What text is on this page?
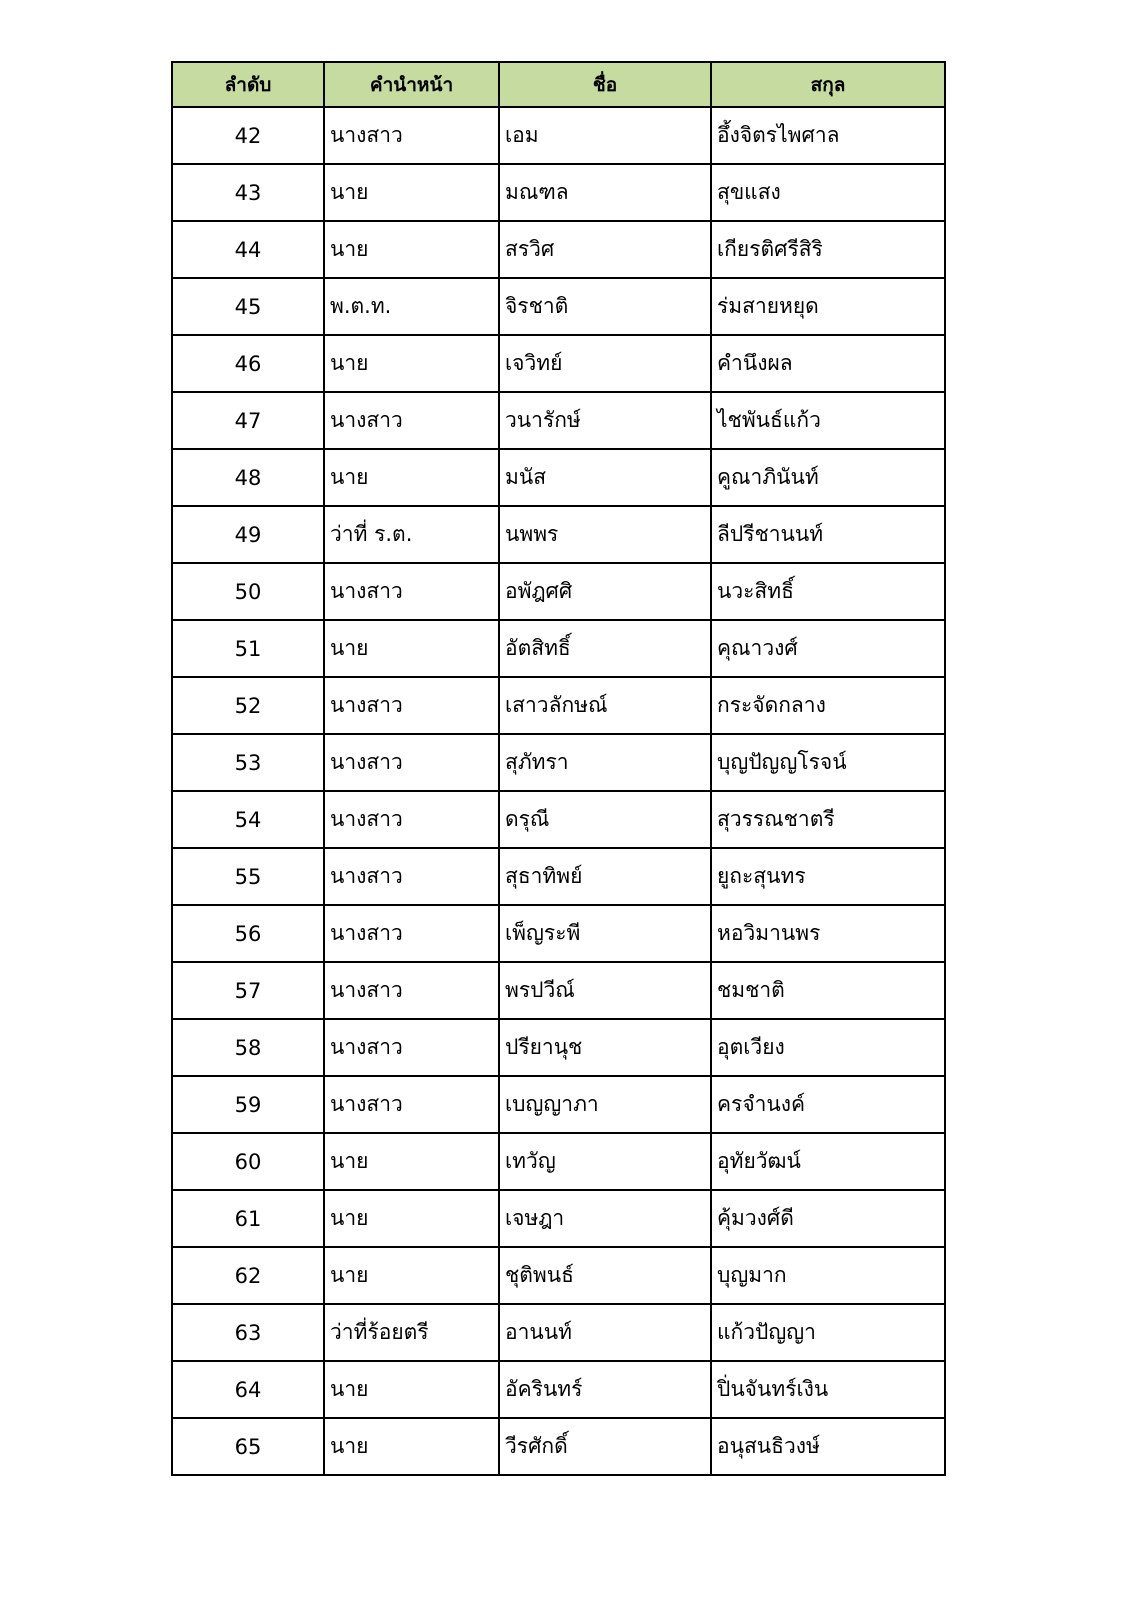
ลำดับ	คำนำหน้า	ชื่อ	สกุล
42	นางสาว	เอม	อึ้งจิตรไพศาล
43	นาย	มณฑล	สุขแสง
44	นาย	สรวิศ	เกียรติศรีสิริ
45	พ.ต.ท.	จิรชาติ	ร่มสายหยุด
46	นาย	เจวิทย์	คำนึงผล
47	นางสาว	วนารักษ์	ไชพันธ์แก้ว
48	นาย	มนัส	คูณาภินันท์
49	ว่าที่ ร.ต.	นพพร	ลีปรีชานนท์
50	นางสาว	อพัฎศศิ	นวะสิทธิ์
51	นาย	อัตสิทธิ์	คุณาวงศ์
52	นางสาว	เสาวลักษณ์	กระจัดกลาง
53	นางสาว	สุภัทรา	บุญปัญญโรจน์
54	นางสาว	ดรุณี	สุวรรณชาตรี
55	นางสาว	สุธาทิพย์	ยูถะสุนทร
56	นางสาว	เพ็ญระพี	หอวิมานพร
57	นางสาว	พรปวีณ์	ชมชาติ
58	นางสาว	ปรียานุช	อุตเวียง
59	นางสาว	เบญญาภา	ครจำนงค์
60	นาย	เทวัญ	อุทัยวัฒน์
61	นาย	เจษฎา	คุ้มวงศ์ดี
62	นาย	ชุติพนธ์	บุญมาก
63	ว่าที่ร้อยตรี	อานนท์	แก้วปัญญา
64	นาย	อัครินทร์	ปิ่นจันทร์เงิน
65	นาย	วีรศักดิ์	อนุสนธิวงษ์
